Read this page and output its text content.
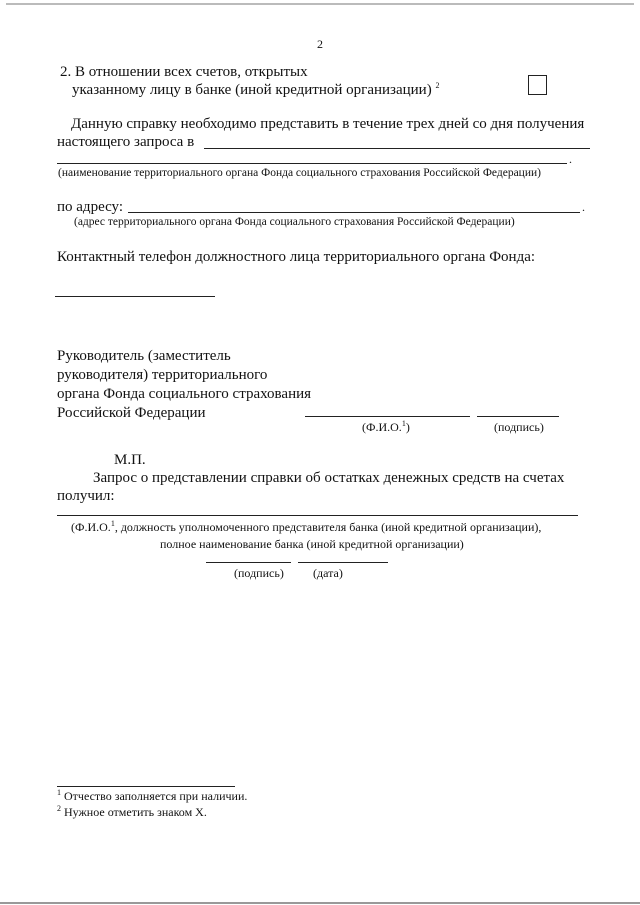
2
2. В отношении всех счетов, открытых
указанному лицу в банке (иной кредитной организации) $^2$
Данную справку необходимо представить в течение трех дней со дня получения
настоящего запроса в
.
(наименование территориального органа Фонда социального страхования Российской Федерации)
по адресу:	.
(адрес территориального органа Фонда социального страхования Российской Федерации)
Контактный телефон должностного лица территориального органа Фонда:
Руководитель (заместитель
руководителя) территориального
органа Фонда социального страхования
Российской Федерации
(Ф.И.О.$^1$)	(подпись)
М.П.
Запрос о представлении справки об остатках денежных средств на счетах
получил:
(Ф.И.О.$^1$, должность уполномоченного представителя банка (иной кредитной организации),
полное наименование банка (иной кредитной организации)
(подпись) (дата)
$^1$ Отчество заполняется при наличии.
$^2$ Нужное отметить знаком X.
